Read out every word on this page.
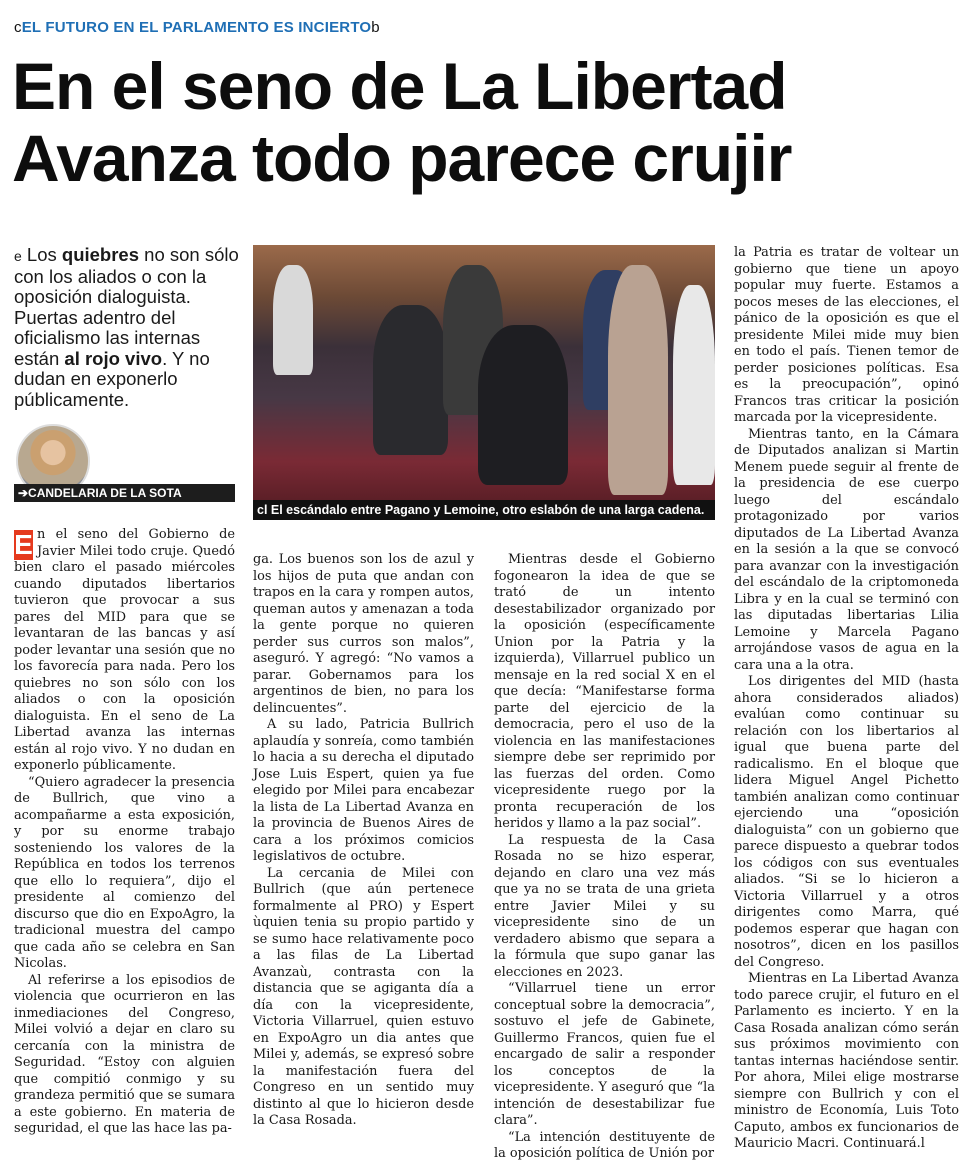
cEL FUTURO EN EL PARLAMENTO ES INCIERTOb
En el seno de La Libertad
Avanza todo parece crujir
e Los quiebres no son sólo con los aliados o con la oposición dialoguista. Puertas adentro del oficialismo las internas están al rojo vivo. Y no dudan en exponerlo públicamente.
➔CANDELARIA DE LA SOTA
cl El escándalo entre Pagano y Lemoine, otro eslabón de una larga cadena.

E n el seno del Gobierno de Javier Milei todo cruje. Quedó bien claro el pasado miércoles cuando diputados libertarios tuvieron que provocar a sus pares del MID para que se levantaran de las bancas y así poder levantar una sesión que no los favorecía para nada. Pero los quiebres no son sólo con los aliados o con la oposición dialoguista. En el seno de La Libertad avanza las internas están al rojo vivo. Y no dudan en exponerlo públicamente.

“Quiero agradecer la presencia de Bullrich, que vino a acompañarme a esta exposición, y por su enorme trabajo sosteniendo los valores de la República en todos los terrenos que ello lo requiera”, dijo el presidente al comienzo del discurso que dio en ExpoAgro, la tradicional muestra del campo que cada año se celebra en San Nicolas.

Al referirse a los episodios de violencia que ocurrieron en las inmediaciones del Congreso, Milei volvió a dejar en claro su cercanía con la ministra de Seguridad. “Estoy con alguien que compitió conmigo y su grandeza permitió que se sumara a este gobierno. En materia de seguridad, el que las hace las pa-

ga. Los buenos son los de azul y los hijos de puta que andan con trapos en la cara y rompen autos, queman autos y amenazan a toda la gente porque no quieren perder sus curros son malos”, aseguró. Y agregó: “No vamos a parar. Gobernamos para los argentinos de bien, no para los delincuentes”.

A su lado, Patricia Bullrich aplaudía y sonreía, como también lo hacia a su derecha el diputado Jose Luis Espert, quien ya fue elegido por Milei para encabezar la lista de La Libertad Avanza en la provincia de Buenos Aires de cara a los próximos comicios legislativos de octubre.

La cercania de Milei con Bullrich (que aún pertenece formalmente al PRO) y Espert ùquien tenia su propio partido y se sumo hace relativamente poco a las filas de La Libertad Avanzaù, contrasta con la distancia que se agiganta día a día con la vicepresidente, Victoria Villarruel, quien estuvo en ExpoAgro un dia antes que Milei y, además, se expresó sobre la manifestación fuera del Congreso en un sentido muy distinto al que lo hicieron desde la Casa Rosada.

Mientras desde el Gobierno fogonearon la idea de que se trató de un intento desestabilizador organizado por la oposición (específicamente Union por la Patria y la izquierda), Villarruel publico un mensaje en la red social X en el que decía: “Manifestarse forma parte del ejercicio de la democracia, pero el uso de la violencia en las manifestaciones siempre debe ser reprimido por las fuerzas del orden. Como vicepresidente ruego por la pronta recuperación de los heridos y llamo a la paz social”.

La respuesta de la Casa Rosada no se hizo esperar, dejando en claro una vez más que ya no se trata de una grieta entre Javier Milei y su vicepresidente sino de un verdadero abismo que separa a la fórmula que supo ganar las elecciones en 2023.

“Villarruel tiene un error conceptual sobre la democracia”, sostuvo el jefe de Gabinete, Guillermo Francos, quien fue el encargado de salir a responder los conceptos de la vicepresidente. Y aseguró que “la intención de desestabilizar fue clara”.

“La intención destituyente de la oposición política de Unión por

la Patria es tratar de voltear un gobierno que tiene un apoyo popular muy fuerte. Estamos a pocos meses de las elecciones, el pánico de la oposición es que el presidente Milei mide muy bien en todo el país. Tienen temor de perder posiciones políticas. Esa es la preocupación”, opinó Francos tras criticar la posición marcada por la vicepresidente.

Mientras tanto, en la Cámara de Diputados analizan si Martin Menem puede seguir al frente de la presidencia de ese cuerpo luego del escándalo protagonizado por varios diputados de La Libertad Avanza en la sesión a la que se convocó para avanzar con la investigación del escándalo de la criptomoneda Libra y en la cual se terminó con las diputadas libertarias Lilia Lemoine y Marcela Pagano arrojándose vasos de agua en la cara una a la otra.

Los dirigentes del MID (hasta ahora considerados aliados) evalúan como continuar su relación con los libertarios al igual que buena parte del radicalismo. En el bloque que lidera Miguel Angel Pichetto también analizan como continuar ejerciendo una “oposición dialoguista” con un gobierno que parece dispuesto a quebrar todos los códigos con sus eventuales aliados. “Si se lo hicieron a Victoria Villarruel y a otros dirigentes como Marra, qué podemos esperar que hagan con nosotros”, dicen en los pasillos del Congreso.

Mientras en La Libertad Avanza todo parece crujir, el futuro en el Parlamento es incierto. Y en la Casa Rosada analizan cómo serán sus próximos movimiento con tantas internas haciéndose sentir. Por ahora, Milei elige mostrarse siempre con Bullrich y con el ministro de Economía, Luis Toto Caputo, ambos ex funcionarios de Mauricio Macri. Continuará.l
